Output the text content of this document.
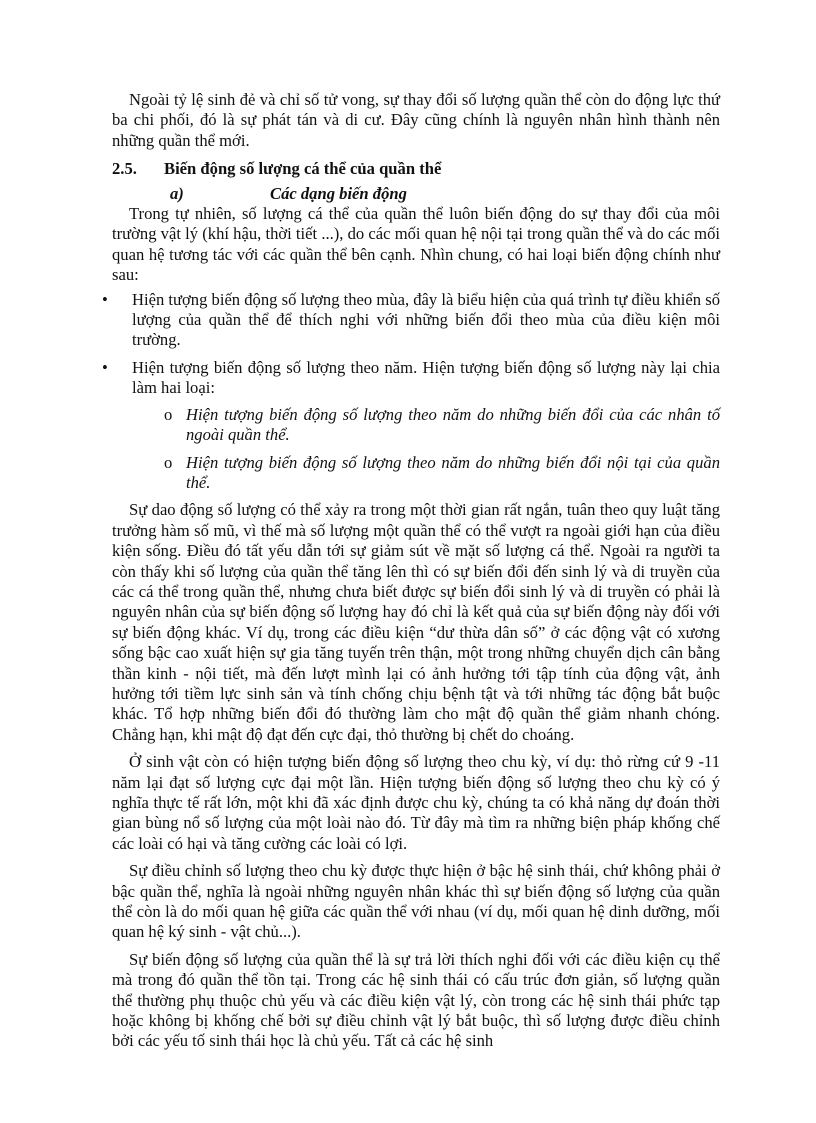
Ngoài tỷ lệ sinh đẻ và chỉ số tử vong, sự thay đổi số lượng quần thể còn do động lực thứ ba chi phối, đó là sự phát tán và di cư. Đây cũng chính là nguyên nhân hình thành nên những quần thể mới.

2.5.	Biến động số lượng cá thể của quần thể
a)	Các dạng biến động

Trong tự nhiên, số lượng cá thể của quần thể luôn biến động do sự thay đổi của môi trường vật lý (khí hậu, thời tiết ...), do các mối quan hệ nội tại trong quần thể và do các mối quan hệ tương tác với các quần thể bên cạnh. Nhìn chung, có hai loại biến động chính như sau:

• Hiện tượng biến động số lượng theo mùa, đây là biểu hiện của quá trình tự điều khiển số lượng của quần thể để thích nghi với những biến đổi theo mùa của điều kiện môi trường.
• Hiện tượng biến động số lượng theo năm. Hiện tượng biến động số lượng này lại chia làm hai loại:
o Hiện tượng biến động số lượng theo năm do những biến đổi của các nhân tố ngoài quần thể.
o Hiện tượng biến động số lượng theo năm do những biến đổi nội tại của quần thể.

Sự dao động số lượng có thể xảy ra trong một thời gian rất ngắn, tuân theo quy luật tăng trưởng hàm số mũ, vì thế mà số lượng một quần thể có thể vượt ra ngoài giới hạn của điều kiện sống. Điều đó tất yếu dẫn tới sự giảm sút về mặt số lượng cá thể. Ngoài ra người ta còn thấy khi số lượng của quần thể tăng lên thì có sự biến đổi đến sinh lý và di truyền của các cá thể trong quần thể, nhưng chưa biết được sự biến đổi sinh lý và di truyền có phải là nguyên nhân của sự biến động số lượng hay đó chỉ là kết quả của sự biến động này đối với sự biến động khác. Ví dụ, trong các điều kiện “dư thừa dân số” ở các động vật có xương sống bậc cao xuất hiện sự gia tăng tuyến trên thận, một trong những chuyển dịch cân bằng thần kinh - nội tiết, mà đến lượt mình lại có ảnh hưởng tới tập tính của động vật, ảnh hưởng tới tiềm lực sinh sản và tính chống chịu bệnh tật và tới những tác động bắt buộc khác. Tổ hợp những biến đổi đó thường làm cho mật độ quần thể giảm nhanh chóng. Chẳng hạn, khi mật độ đạt đến cực đại, thỏ thường bị chết do choáng.

Ở sinh vật còn có hiện tượng biến động số lượng theo chu kỳ, ví dụ: thỏ rừng cứ 9 -11 năm lại đạt số lượng cực đại một lần. Hiện tượng biến động số lượng theo chu kỳ có ý nghĩa thực tế rất lớn, một khi đã xác định được chu kỳ, chúng ta có khả năng dự đoán thời gian bùng nổ số lượng của một loài nào đó. Từ đây mà tìm ra những biện pháp khống chế các loài có hại và tăng cường các loài có lợi.

Sự điều chỉnh số lượng theo chu kỳ được thực hiện ở bậc hệ sinh thái, chứ không phải ở bậc quần thể, nghĩa là ngoài những nguyên nhân khác thì sự biến động số lượng của quần thể còn là do mối quan hệ giữa các quần thể với nhau (ví dụ, mối quan hệ dinh dưỡng, mối quan hệ ký sinh - vật chủ...).

Sự biến động số lượng của quần thể là sự trả lời thích nghi đối với các điều kiện cụ thể mà trong đó quần thể tồn tại. Trong các hệ sinh thái có cấu trúc đơn giản, số lượng quần thể thường phụ thuộc chủ yếu và các điều kiện vật lý, còn trong các hệ sinh thái phức tạp hoặc không bị khống chế bởi sự điều chỉnh vật lý bắt buộc, thì số lượng được điều chỉnh bởi các yếu tố sinh thái học là chủ yếu. Tất cả các hệ sinh
